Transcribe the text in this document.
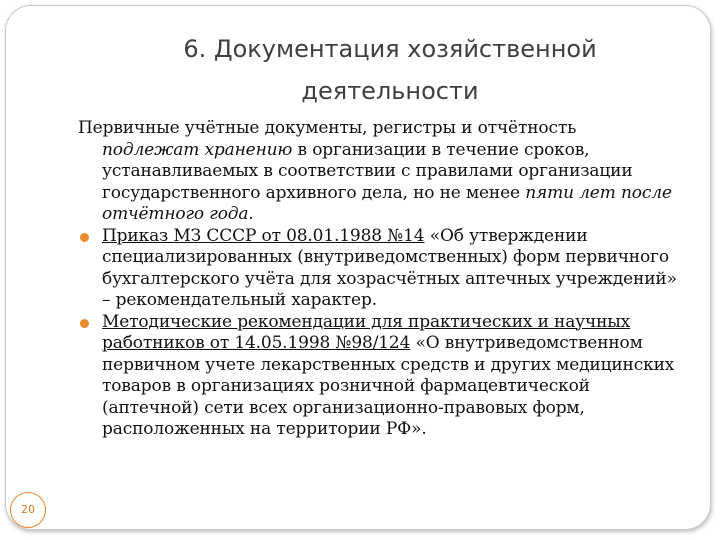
6. Документация хозяйственной
деятельности

Первичные учётные документы, регистры и отчётность подлежат хранению в организации в течение сроков, устанавливаемых в соответствии с правилами организации государственного архивного дела, но не менее пяти лет после отчётного года.

Приказ МЗ СССР от 08.01.1988 №14 «Об утверждении специализированных (внутриведомственных) форм первичного бухгалтерского учёта для хозрасчётных аптечных учреждений» – рекомендательный характер.

Методические рекомендации для практических и научных работников от 14.05.1998 №98/124 «О внутриведомственном первичном учете лекарственных средств и других медицинских товаров в организациях розничной фармацевтической (аптечной) сети всех организационно-правовых форм, расположенных на территории РФ».

20
